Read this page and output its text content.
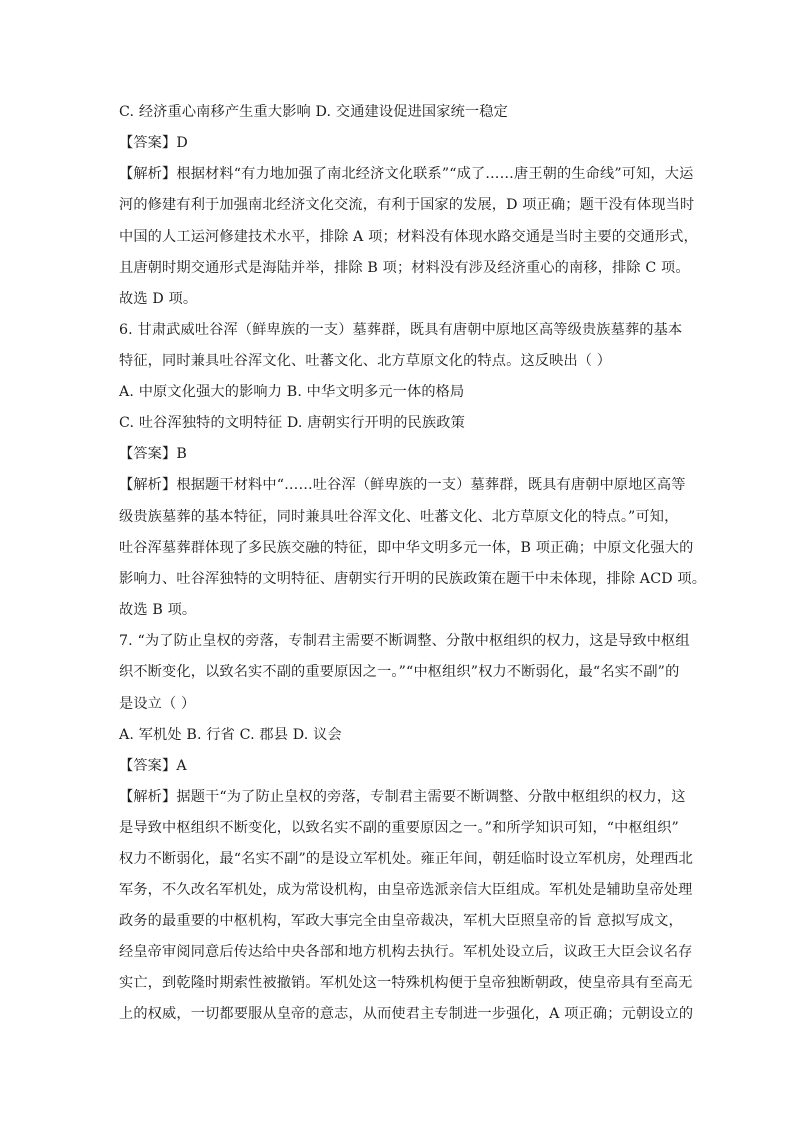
C. 经济重心南移产生重大影响 D. 交通建设促进国家统一稳定
【答案】D
【解析】根据材料“有力地加强了南北经济文化联系”“成了……唐王朝的生命线”可知，大运
河的修建有利于加强南北经济文化交流，有利于国家的发展，D 项正确；题干没有体现当时
中国的人工运河修建技术水平，排除 A 项；材料没有体现水路交通是当时主要的交通形式，
且唐朝时期交通形式是海陆并举，排除 B 项；材料没有涉及经济重心的南移，排除 C 项。
故选 D 项。
6. 甘肃武威吐谷浑（鲜卑族的一支）墓葬群，既具有唐朝中原地区高等级贵族墓葬的基本
特征，同时兼具吐谷浑文化、吐蕃文化、北方草原文化的特点。这反映出（ ）
A. 中原文化强大的影响力 B. 中华文明多元一体的格局
C. 吐谷浑独特的文明特征 D. 唐朝实行开明的民族政策
【答案】B
【解析】根据题干材料中“……吐谷浑（鲜卑族的一支）墓葬群，既具有唐朝中原地区高等
级贵族墓葬的基本特征，同时兼具吐谷浑文化、吐蕃文化、北方草原文化的特点。”可知，
吐谷浑墓葬群体现了多民族交融的特征，即中华文明多元一体，B 项正确；中原文化强大的
影响力、吐谷浑独特的文明特征、唐朝实行开明的民族政策在题干中未体现，排除 ACD 项。
故选 B 项。
7. “为了防止皇权的旁落，专制君主需要不断调整、分散中枢组织的权力，这是导致中枢组
织不断变化，以致名实不副的重要原因之一。”“中枢组织”权力不断弱化，最“名实不副”的
是设立（ ）
A. 军机处 B. 行省 C. 郡县 D. 议会
【答案】A
【解析】据题干“为了防止皇权的旁落，专制君主需要不断调整、分散中枢组织的权力，这
是导致中枢组织不断变化，以致名实不副的重要原因之一。”和所学知识可知，“中枢组织”
权力不断弱化，最“名实不副”的是设立军机处。雍正年间，朝廷临时设立军机房，处理西北
军务，不久改名军机处，成为常设机构，由皇帝选派亲信大臣组成。军机处是辅助皇帝处理
政务的最重要的中枢机构，军政大事完全由皇帝裁决，军机大臣照皇帝的旨 意拟写成文，
经皇帝审阅同意后传达给中央各部和地方机构去执行。军机处设立后，议政王大臣会议名存
实亡，到乾隆时期索性被撤销。军机处这一特殊机构便于皇帝独断朝政，使皇帝具有至高无
上的权威，一切都要服从皇帝的意志，从而使君主专制进一步强化，A 项正确；元朝设立的
